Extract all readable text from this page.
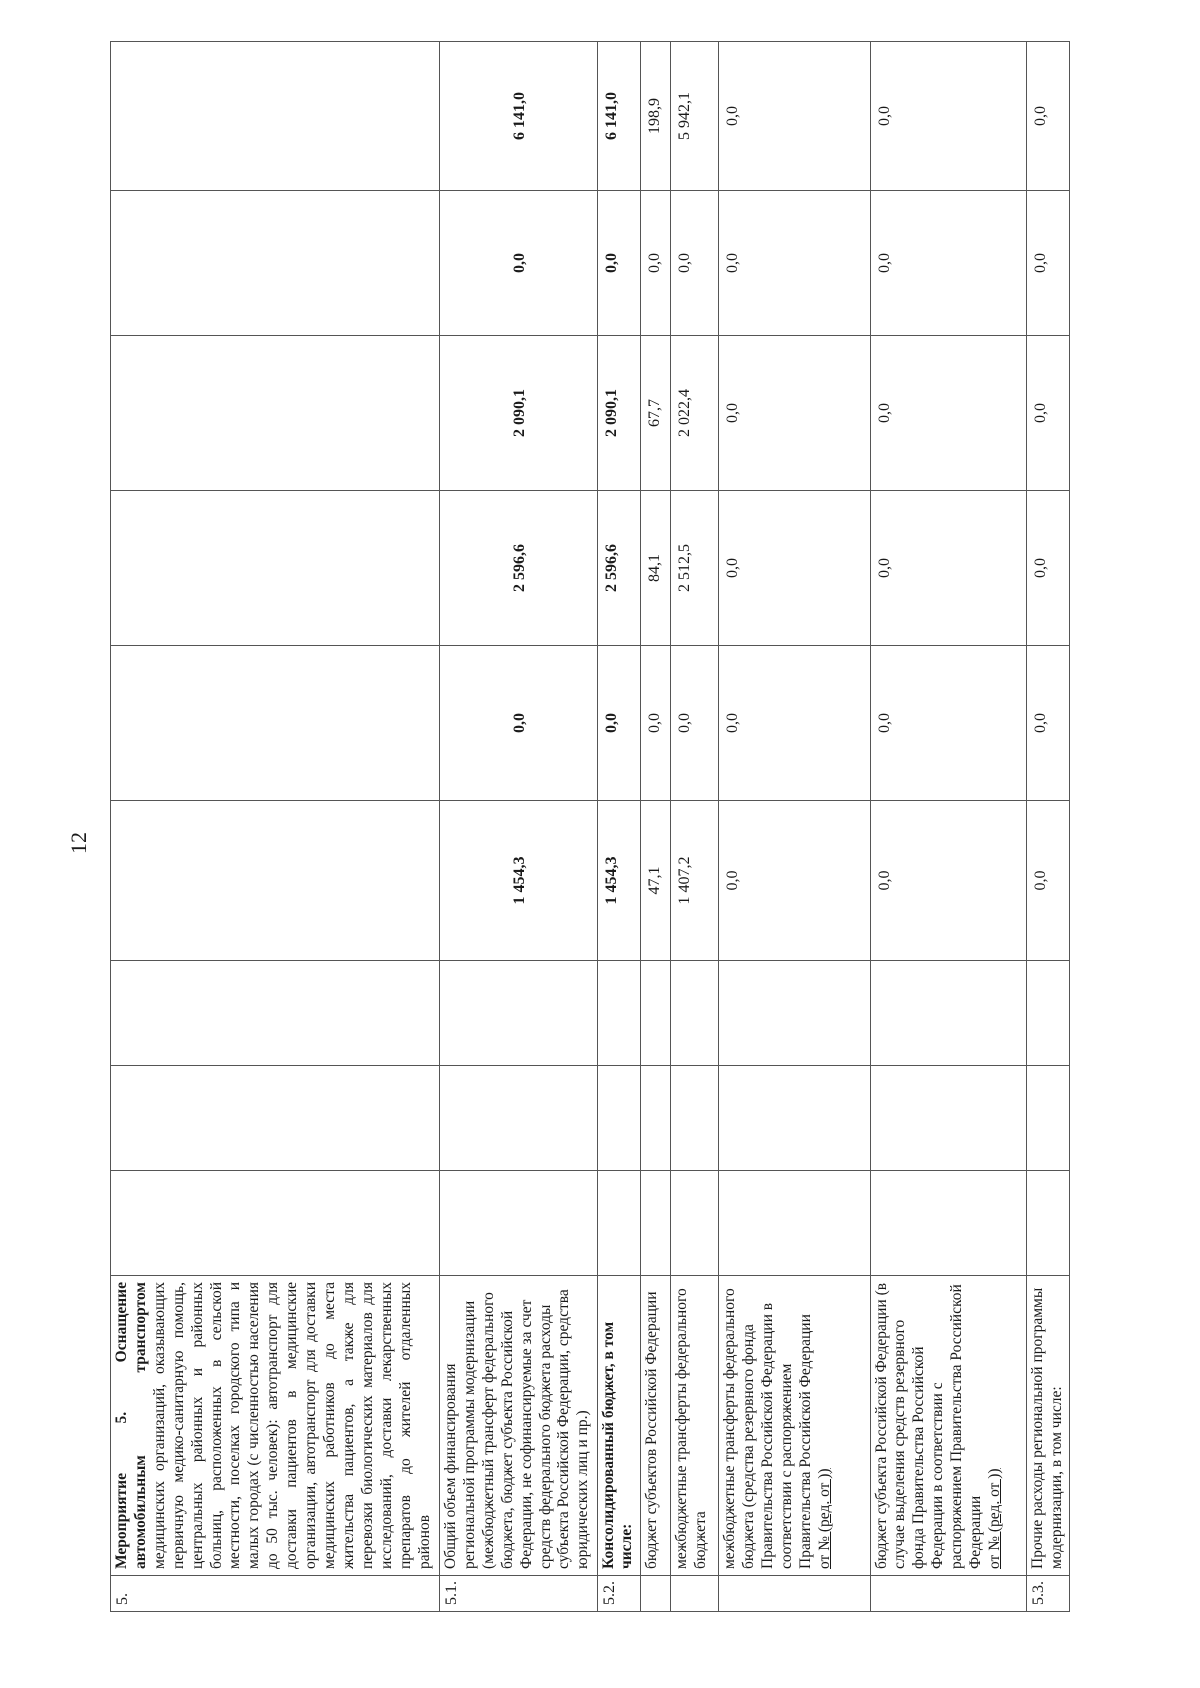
12
5.	Мероприятие 5. Оснащение автомобильным транспортом медицинских организаций, оказывающих первичную медико-санитарную помощь, центральных районных и районных больниц, расположенных в сельской местности, поселках городского типа и малых городах (с численностью населения до 50 тыс. человек): автотранспорт для доставки пациентов в медицинские организации, автотранспорт для доставки медицинских работников до места жительства пациентов, а также для перевозки биологических материалов для исследований, доставки лекарственных препаратов до жителей отдаленных районов									
5.1.	Общий объем финансирования региональной программы модернизации (межбюджетный трансферт федерального бюджета, бюджет субъекта Российской Федерации, не софинансируемые за счет средств федерального бюджета расходы субъекта Российской Федерации, средства юридических лиц и пр.)				1 454,3	0,0	2 596,6	2 090,1	0,0	6 141,0
5.2.	Консолидированный бюджет, в том числе:				1 454,3	0,0	2 596,6	2 090,1	0,0	6 141,0
	бюджет субъектов Российской Федерации				47,1	0,0	84,1	67,7	0,0	198,9
	межбюджетные трансферты федерального бюджета				1 407,2	0,0	2 512,5	2 022,4	0,0	5 942,1
	межбюджетные трансферты федерального бюджета (средства резервного фонда Правительства Российской Федерации в соответствии с распоряжением Правительства Российской Федерации от № (ред. от ))				0,0	0,0	0,0	0,0	0,0	0,0
	бюджет субъекта Российской Федерации (в случае выделения средств резервного фонда Правительства Российской Федерации в соответствии с распоряжением Правительства Российской Федерации от № (ред. от ))				0,0	0,0	0,0	0,0	0,0	0,0
5.3.	Прочие расходы региональной программы модернизации, в том числе:				0,0	0,0	0,0	0,0	0,0	0,0
